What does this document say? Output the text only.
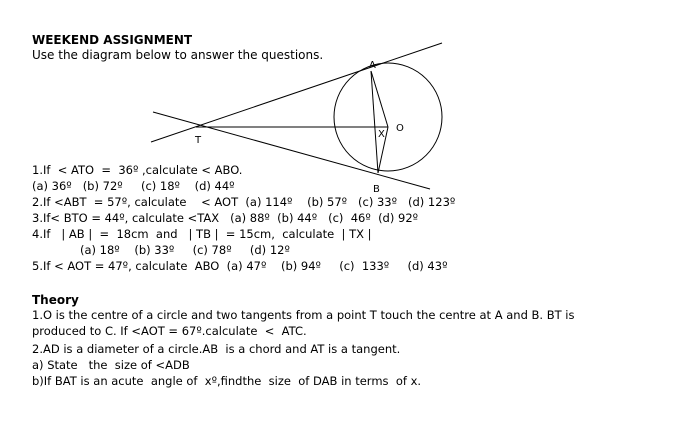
A
T
X
O
B
WEEKEND ASSIGNMENT
Use the diagram below to answer the questions.
1.If  < ATO  =  36º ,calculate < ABO.
(a) 36º   (b) 72º     (c) 18º    (d) 44º
2.If <ABT  = 57º, calculate    < AOT  (a) 114º    (b) 57º   (c) 33º   (d) 123º
3.If< BTO = 44º, calculate <TAX   (a) 88º  (b) 44º   (c)  46º  (d) 92º
4.If   | AB |  =  18cm  and   | TB |  = 15cm,  calculate  | TX |
(a) 18º    (b) 33º     (c) 78º     (d) 12º
5.If < AOT = 47º, calculate  ABO  (a) 47º    (b) 94º     (c)  133º     (d) 43º
Theory
1.O is the centre of a circle and two tangents from a point T touch the centre at A and B. BT is
produced to C. If <AOT = 67º.calculate  <  ATC.
2.AD is a diameter of a circle.AB  is a chord and AT is a tangent.
a) State   the  size of <ADB
b)If BAT is an acute  angle of  xº,findthe  size  of DAB in terms  of x.
